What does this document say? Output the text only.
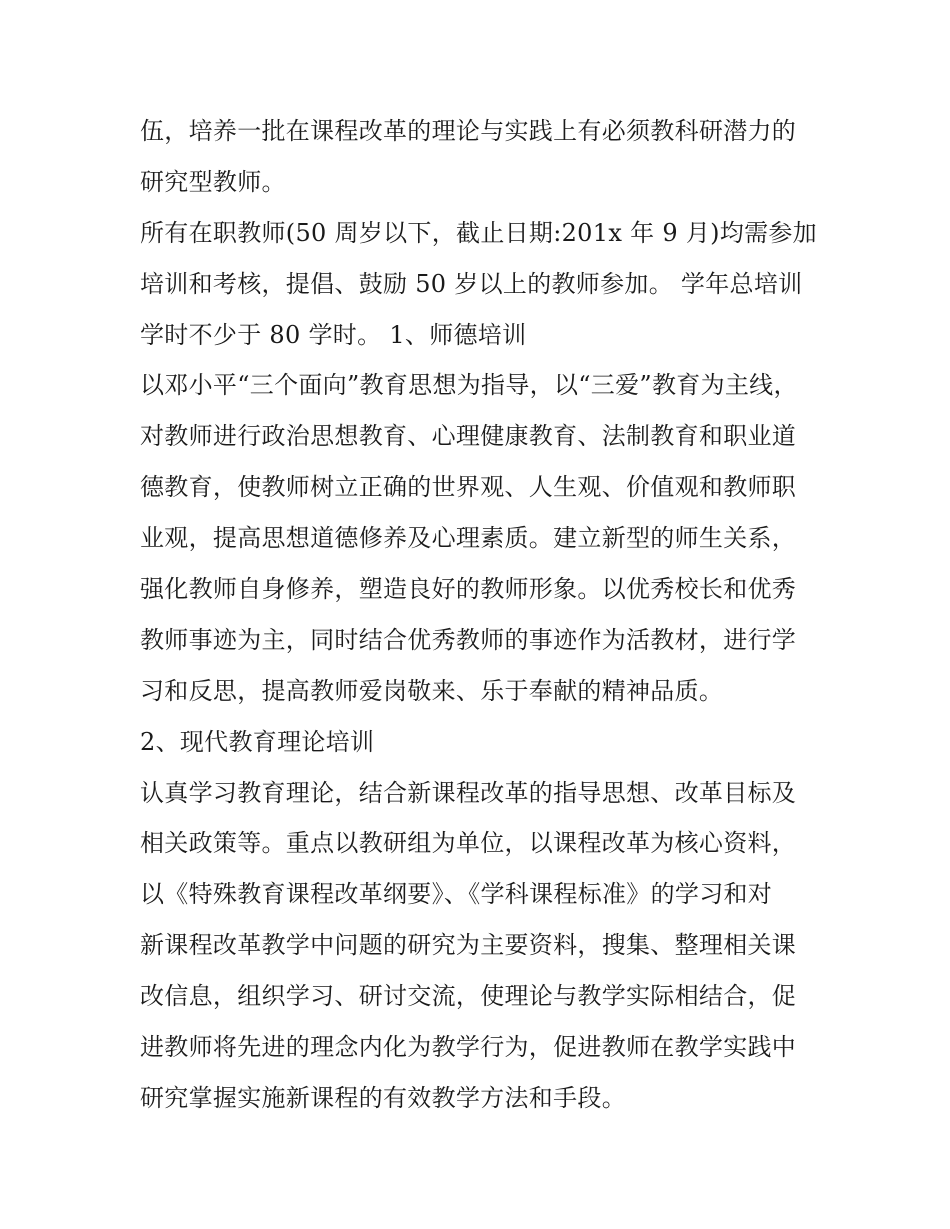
伍，培养一批在课程改革的理论与实践上有必须教科研潜力的
研究型教师。
所有在职教师(50 周岁以下，截止日期:201x 年 9 月)均需参加
培训和考核，提倡、鼓励 50 岁以上的教师参加。 学年总培训
学时不少于 80 学时。 1、师德培训
以邓小平“三个面向”教育思想为指导，以“三爱”教育为主线，
对教师进行政治思想教育、心理健康教育、法制教育和职业道
德教育，使教师树立正确的世界观、人生观、价值观和教师职
业观，提高思想道德修养及心理素质。建立新型的师生关系，
强化教师自身修养，塑造良好的教师形象。以优秀校长和优秀
教师事迹为主，同时结合优秀教师的事迹作为活教材，进行学
习和反思，提高教师爱岗敬来、乐于奉献的精神品质。
2、现代教育理论培训
认真学习教育理论，结合新课程改革的指导思想、改革目标及
相关政策等。重点以教研组为单位，以课程改革为核心资料，
以《特殊教育课程改革纲要》、《学科课程标准》的学习和对
新课程改革教学中问题的研究为主要资料，搜集、整理相关课
改信息，组织学习、研讨交流，使理论与教学实际相结合，促
进教师将先进的理念内化为教学行为，促进教师在教学实践中
研究掌握实施新课程的有效教学方法和手段。
